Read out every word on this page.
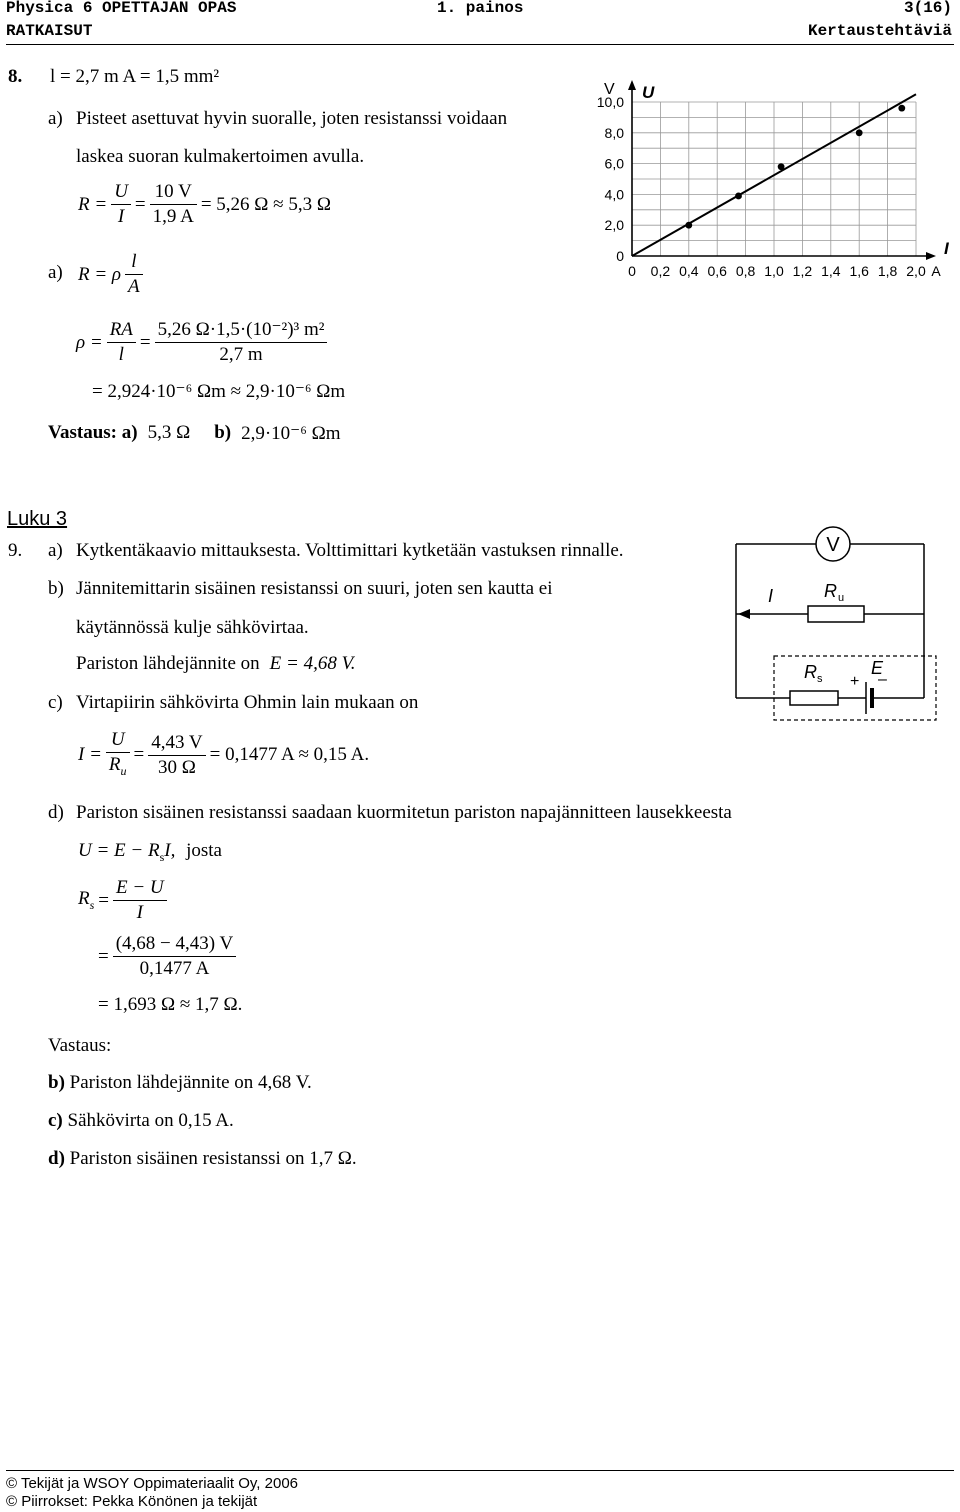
Physica 6 OPETTAJAN OPAS	1. painos	3(16)
RATKAISUT	Kertaustehtäviä
8. l = 2,7 m A = 1,5 mm²
a) Pisteet asettuvat hyvin suoralle, joten resistanssi voidaan
laskea suoran kulmakertoimen avulla.
$R = \frac{U}{I} = \frac{10 V}{1,9 A} = 5,26$ Ω ≈ 5,3 Ω
a) R = ρ $\frac{l}{A}$
$\rho = \frac{RA}{l} = \frac{\text{5,26 Ω·1,5·(10⁻²)³ m²}}{2,7 m}$
= 2,924·10⁻⁶ Ωm ≈ 2,9·10⁻⁶ Ωm
Vastaus: a) 5,3 Ω b) 2,9·10⁻⁶ Ωm
0 0,2 0,4 0,6 0,8 1,0 1,2 1,4 1,6 1,8 2,0 A
0
2,0
4,0
6,0
8,0
10,0
V U
I
Luku 3
9. a) Kytkentäkaavio mittauksesta. Volttimittari kytketään vastuksen rinnalle.
b) Jännitemittarin sisäinen resistanssi on suuri, joten sen kautta ei
käytännössä kulje sähkövirtaa.
Pariston lähdejännite on E = 4,68 V.
c) Virtapiirin sähkövirta Ohmin lain mukaan on
$I = \frac{U}{R_u} = \frac{4,43 V}{30 \Omega} = 0,1477$ A ≈ 0,15 A.
d) Pariston sisäinen resistanssi saadaan kuormitetun pariston napajännitteen lausekkeesta
$U = E - R_sI$, josta
$R_s = \frac{E - U}{I}$
= $\frac{(4,68 - 4,43) V}{0,1477 A}$
= 1,693 Ω ≈ 1,7 Ω.
Vastaus:
b) Pariston lähdejännite on 4,68 V.
c) Sähkövirta on 0,15 A.
d) Pariston sisäinen resistanssi on 1,7 Ω.
V
I	R u
R s + –
E
© Tekijät ja WSOY Oppimateriaalit Oy, 2006
© Piirrokset: Pekka Könönen ja tekijät
